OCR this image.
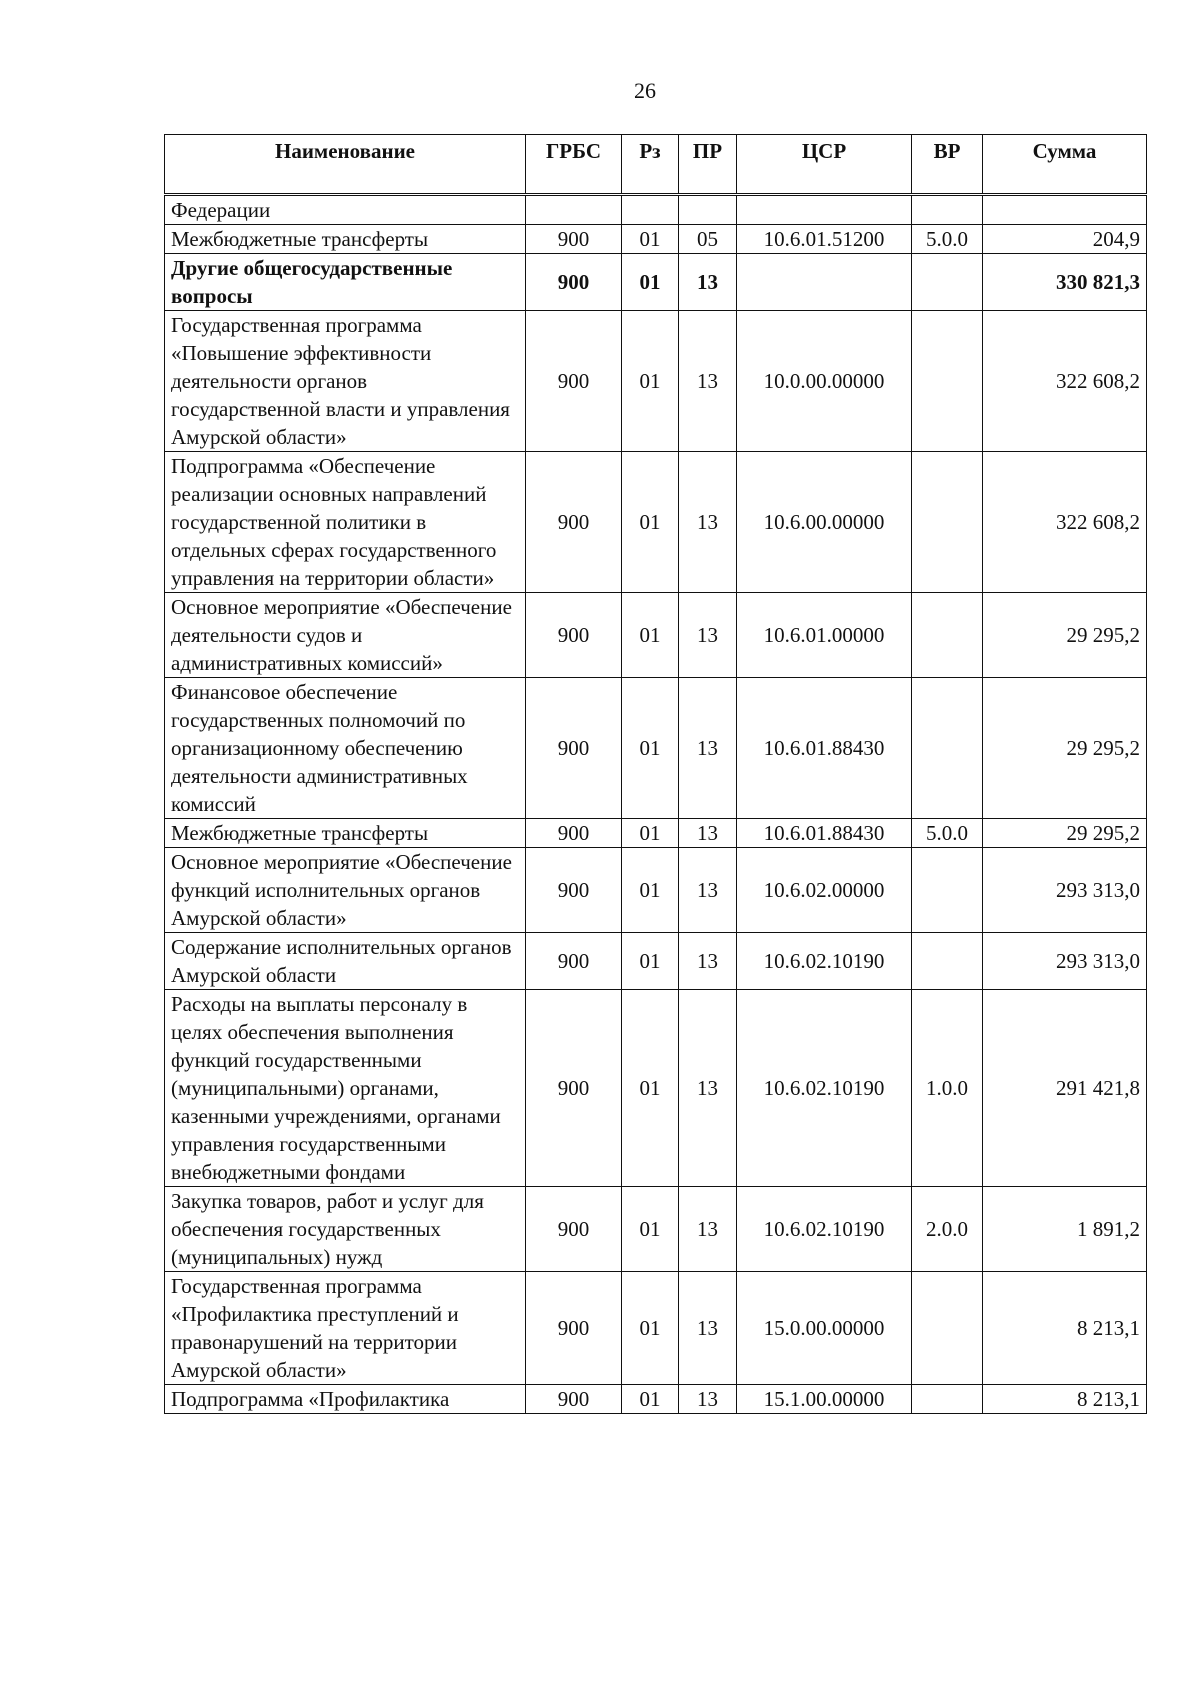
26
Наименование	ГРБС	Рз	ПР	ЦСР	ВР	Сумма
Федерации						
Межбюджетные трансферты	900	01	05	10.6.01.51200	5.0.0	204,9
Другие общегосударственные вопросы	900	01	13			330 821,3
Государственная программа «Повышение эффективности деятельности органов государственной власти и управления Амурской области»	900	01	13	10.0.00.00000		322 608,2
Подпрограмма «Обеспечение реализации основных направлений государственной политики в отдельных сферах государственного управления на территории области»	900	01	13	10.6.00.00000		322 608,2
Основное мероприятие «Обеспечение деятельности судов и административных комиссий»	900	01	13	10.6.01.00000		29 295,2
Финансовое обеспечение государственных полномочий по организационному обеспечению деятельности административных комиссий	900	01	13	10.6.01.88430		29 295,2
Межбюджетные трансферты	900	01	13	10.6.01.88430	5.0.0	29 295,2
Основное мероприятие «Обеспечение функций исполнительных органов Амурской области»	900	01	13	10.6.02.00000		293 313,0
Содержание исполнительных органов Амурской области	900	01	13	10.6.02.10190		293 313,0
Расходы на выплаты персоналу в целях обеспечения выполнения функций государственными (муниципальными) органами, казенными учреждениями, органами управления государственными внебюджетными фондами	900	01	13	10.6.02.10190	1.0.0	291 421,8
Закупка товаров, работ и услуг для обеспечения государственных (муниципальных) нужд	900	01	13	10.6.02.10190	2.0.0	1 891,2
Государственная программа «Профилактика преступлений и правонарушений на территории Амурской области»	900	01	13	15.0.00.00000		8 213,1
Подпрограмма «Профилактика	900	01	13	15.1.00.00000		8 213,1
